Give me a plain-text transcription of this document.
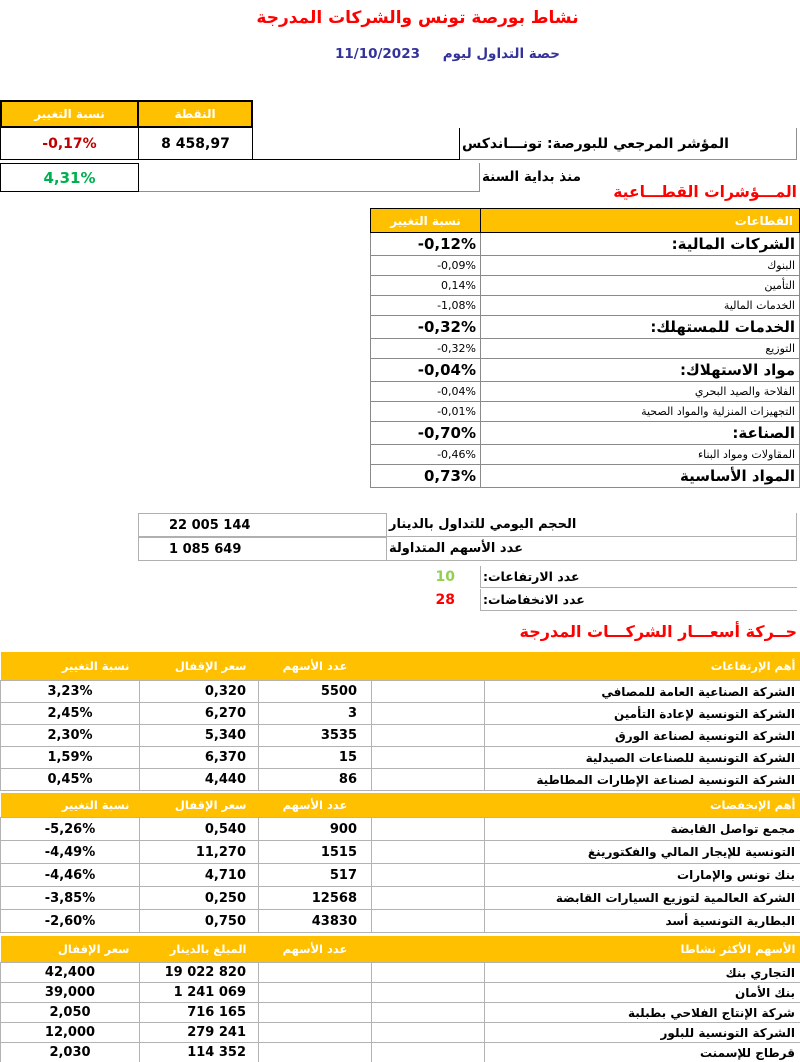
نشاط بورصة تونس والشركات المدرجة
حصة التداول ليوم 11/10/2023
نسبة التغيير	النقطة
-0,17%	8 458,97	المؤشر المرجعي للبورصة: تونـــاندكس
4,31%	منذ بداية السنة
المـــؤشرات القطـــاعية
نسبة التغيير	القطاعات
-0,12%	الشركات المالية:
-0,09%	البنوك
0,14%	التأمين
-1,08%	الخدمات المالية
-0,32%	الخدمات للمستهلك:
-0,32%	التوزيع
-0,04%	مواد الاستهلاك:
-0,04%	الفلاحة والصيد البحري
-0,01%	التجهيزات المنزلية والمواد الصحية
-0,70%	الصناعة:
-0,46%	المقاولات ومواد البناء
0,73%	المواد الأساسية
22 005 144	الحجم اليومي للتداول بالدينار
1 085 649	عدد الأسهم المتداولة
10 عدد الارتفاعات:
28 عدد الانخفاضات:
حــركة أسعـــار الشركـــات المدرجة
نسبة التغيير	سعر الإقفال	عدد الأسهم		أهم الإرتفاعات
3,23%	0,320	5500		الشركة الصناعية العامة للمصافي
2,45%	6,270	3		الشركة التونسية لإعادة التأمين
2,30%	5,340	3535		الشركة التونسية لصناعة الورق
1,59%	6,370	15		الشركة التونسية للصناعات الصيدلية
0,45%	4,440	86		الشركة التونسية لصناعة الإطارات المطاطية
نسبة التغيير	سعر الإقفال	عدد الأسهم		أهم الإنخفضات
-5,26%	0,540	900		مجمع تواصل القابضة
-4,49%	11,270	1515		التونسية للإيجار المالي والفكتورينغ
-4,46%	4,710	517		بنك تونس والإمارات
-3,85%	0,250	12568		الشركة العالمية لتوزيع السيارات القابضة
-2,60%	0,750	43830		البطارية التونسية أسد
سعر الإقفال	المبلغ بالدينار	عدد الأسهم		الأسهم الأكثر نشاطا
42,400	19 022 820			التجاري بنك
39,000	1 241 069			بنك الأمان
2,050	716 165			شركة الإنتاج الفلاحي بطبلبة
12,000	279 241			الشركة التونسية للبلور
2,030	114 352			قرطاج للإسمنت
